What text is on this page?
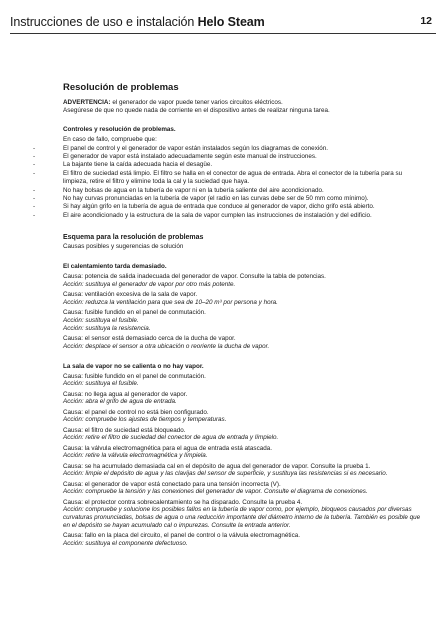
Instrucciones de uso e instalación Helo Steam	12
Resolución de problemas
ADVERTENCIA: el generador de vapor puede tener varios circuitos eléctricos.
Asegúrese de que no quede nada de corriente en el dispositivo antes de realizar ninguna tarea.
Controles y resolución de problemas.
En caso de fallo, compruebe que:
-	El panel de control y el generador de vapor están instalados según los diagramas de conexión.
-	El generador de vapor está instalado adecuadamente según este manual de instrucciones.
-	La bajante tiene la caída adecuada hacia el desagüe.
-	El filtro de suciedad está limpio. El filtro se halla en el conector de agua de entrada. Abra el conector de la tubería para su limpieza, retire el filtro y elimine toda la cal y la suciedad que haya.
-	No hay bolsas de agua en la tubería de vapor ni en la tubería saliente del aire acondicionado.
-	No hay curvas pronunciadas en la tubería de vapor (el radio en las curvas debe ser de 50 mm como mínimo).
-	Si hay algún grifo en la tubería de agua de entrada que conduce al generador de vapor, dicho grifo está abierto.
-	El aire acondicionado y la estructura de la sala de vapor cumplen las instrucciones de instalación y del edificio.
Esquema para la resolución de problemas
Causas posibles y sugerencias de solución
El calentamiento tarda demasiado.
Causa: potencia de salida inadecuada del generador de vapor. Consulte la tabla de potencias.
Acción: sustituya el generador de vapor por otro más potente.
Causa: ventilación excesiva de la sala de vapor.
Acción: reduzca la ventilación para que sea de 10–20 m³ por persona y hora.
Causa: fusible fundido en el panel de conmutación.
Acción: sustituya el fusible.
Acción: sustituya la resistencia.
Causa: el sensor está demasiado cerca de la ducha de vapor.
Acción: desplace el sensor a otra ubicación o reoriente la ducha de vapor.
La sala de vapor no se calienta o no hay vapor.
Causa: fusible fundido en el panel de conmutación.
Acción: sustituya el fusible.
Causa: no llega agua al generador de vapor.
Acción: abra el grifo de agua de entrada.
Causa: el panel de control no está bien configurado.
Acción: compruebe los ajustes de tiempos y temperaturas.
Causa: el filtro de suciedad está bloqueado.
Acción: retire el filtro de suciedad del conector de agua de entrada y límpielo.
Causa: la válvula electromagnética para el agua de entrada está atascada.
Acción: retire la válvula electromagnética y límpiela.
Causa: se ha acumulado demasiada cal en el depósito de agua del generador de vapor. Consulte la prueba 1.
Acción: limpie el depósito de agua y las clavijas del sensor de superficie, y sustituya las resistencias si es necesario.
Causa: el generador de vapor está conectado para una tensión incorrecta (V).
Acción: compruebe la tensión y las conexiones del generador de vapor. Consulte el diagrama de conexiones.
Causa: el protector contra sobrecalentamiento se ha disparado. Consulte la prueba 4.
Acción: compruebe y solucione los posibles fallos en la tubería de vapor como, por ejemplo, bloqueos causados por diversas curvaturas pronunciadas, bolsas de agua o una reducción importante del diámetro interno de la tubería. También es posible que en el depósito se hayan acumulado cal o impurezas. Consulte la entrada anterior.
Causa: fallo en la placa del circuito, el panel de control o la válvula electromagnética.
Acción: sustituya el componente defectuoso.
